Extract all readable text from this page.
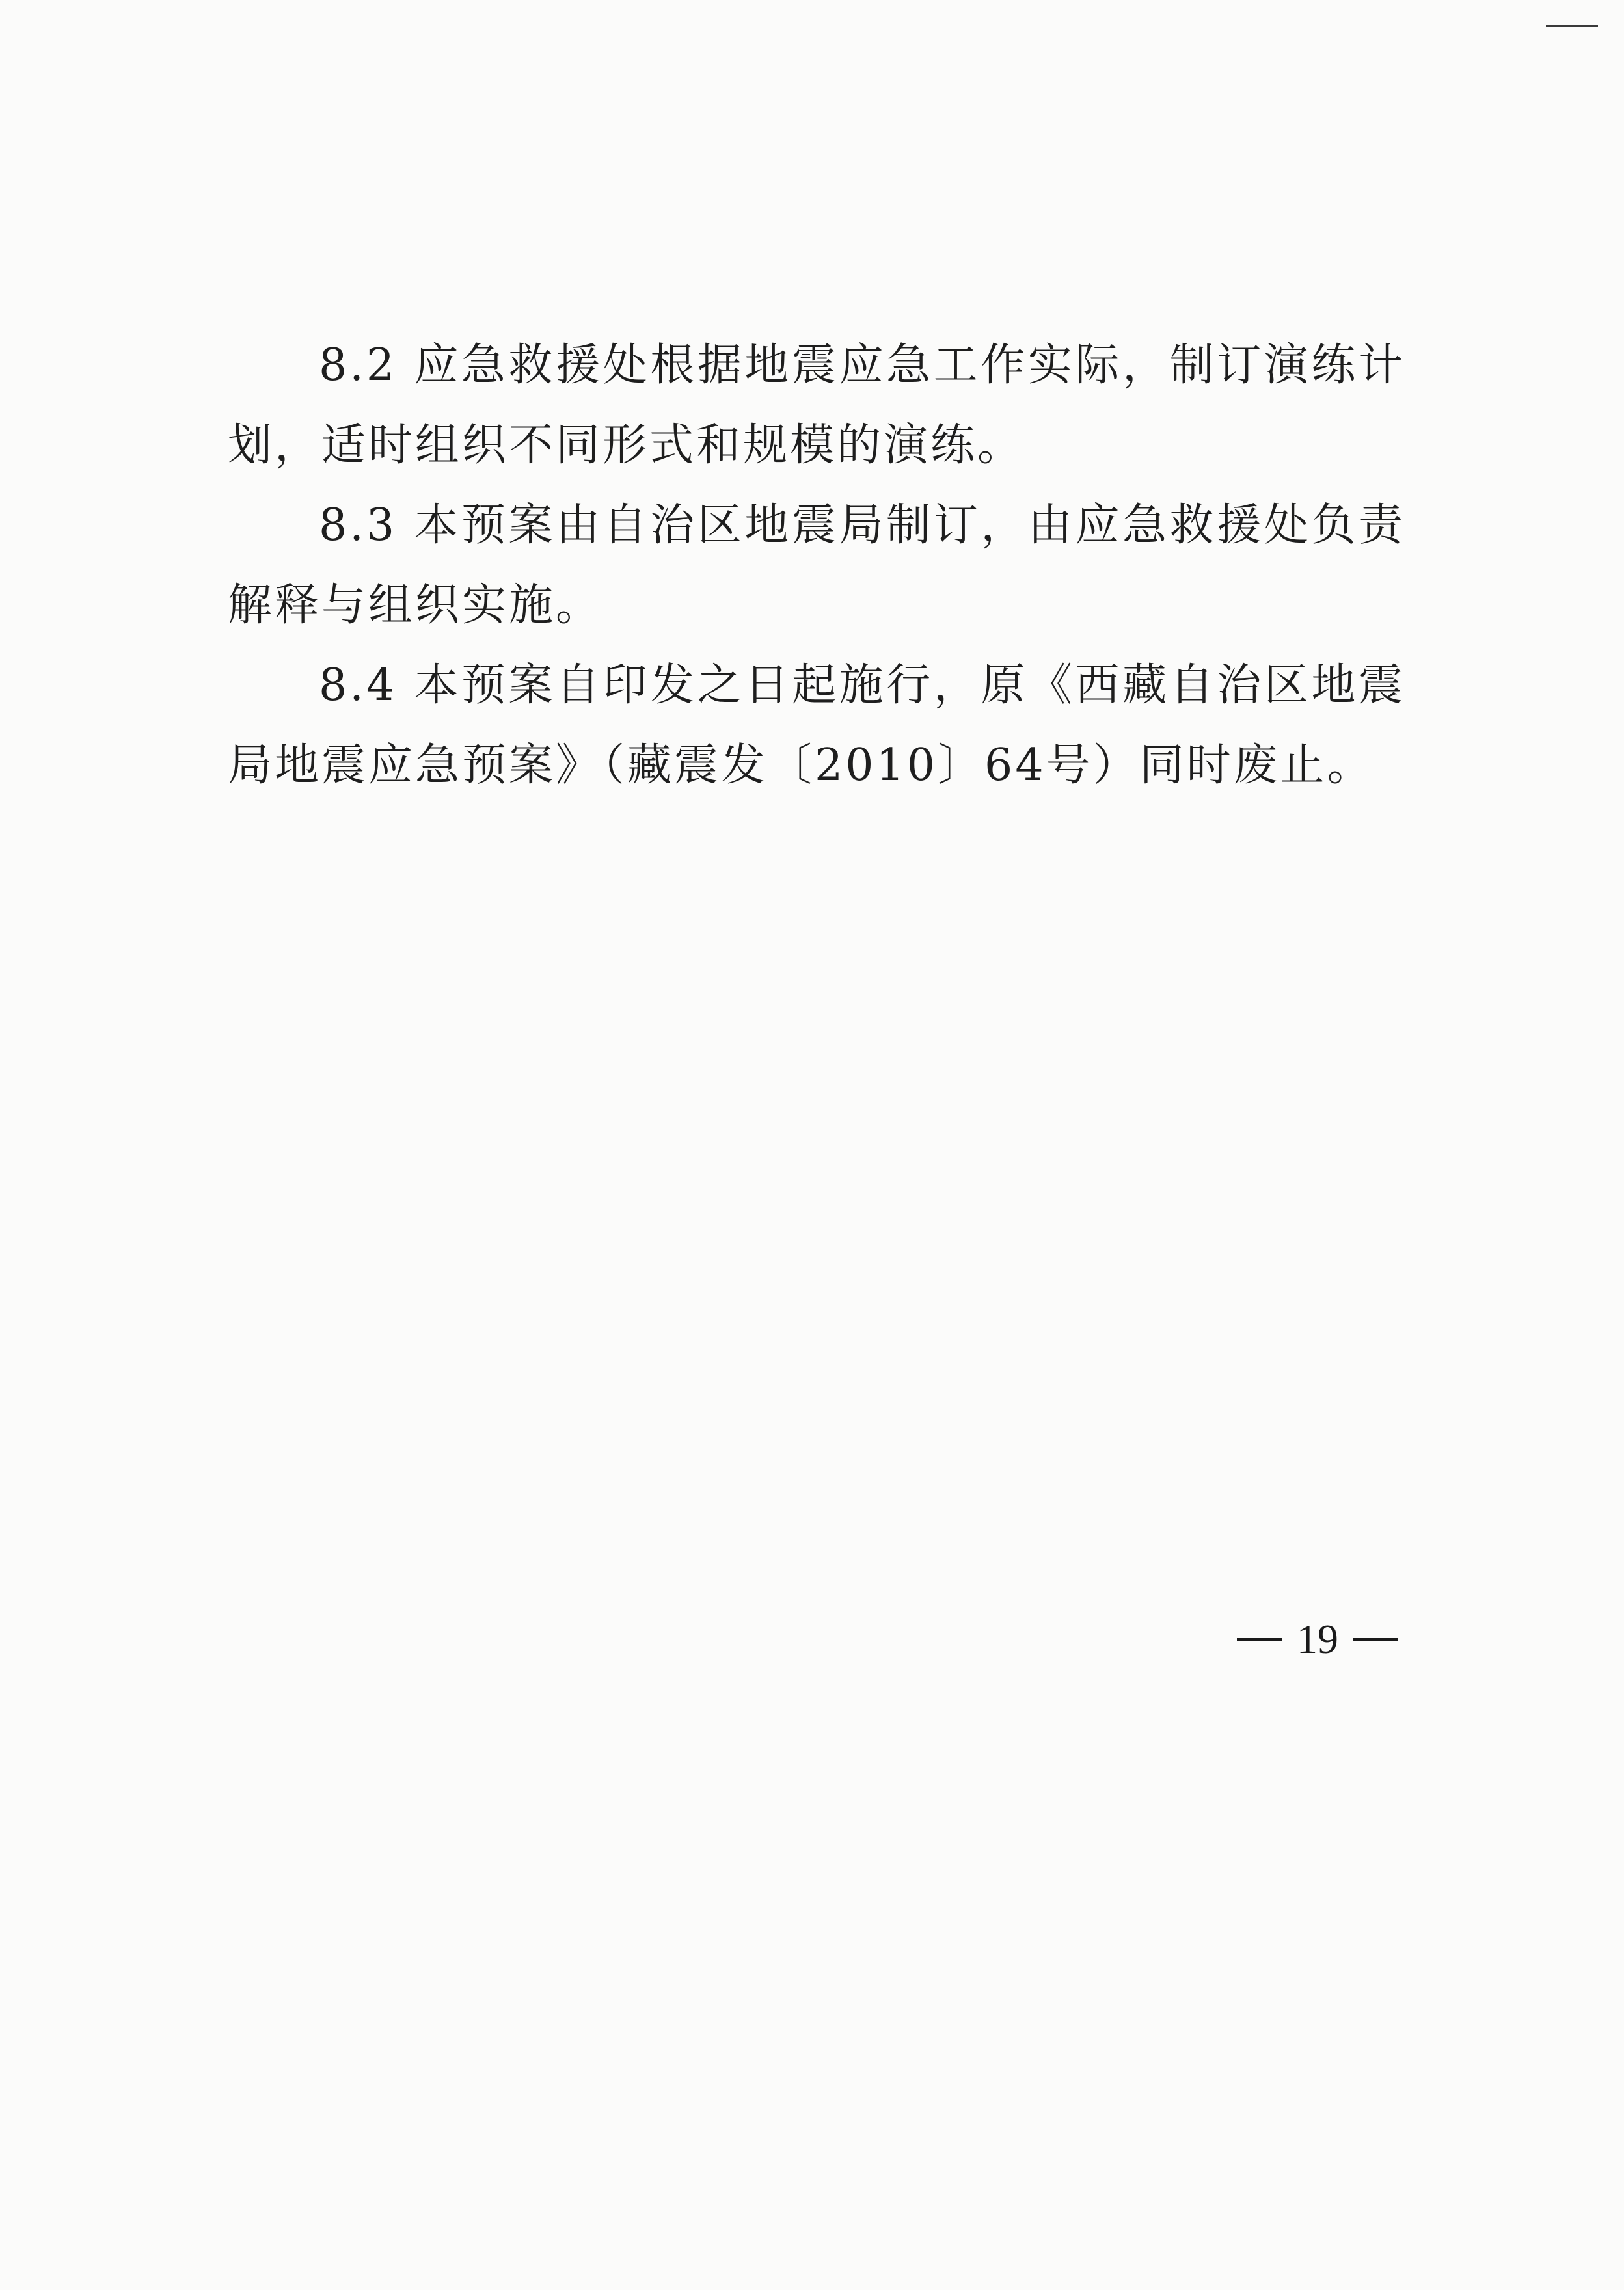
8.2 应急救援处根据地震应急工作实际，制订演练计划，适时组织不同形式和规模的演练。

8.3 本预案由自治区地震局制订，由应急救援处负责解释与组织实施。

8.4 本预案自印发之日起施行，原《西藏自治区地震局地震应急预案》（藏震发〔2010〕64号）同时废止。

19
